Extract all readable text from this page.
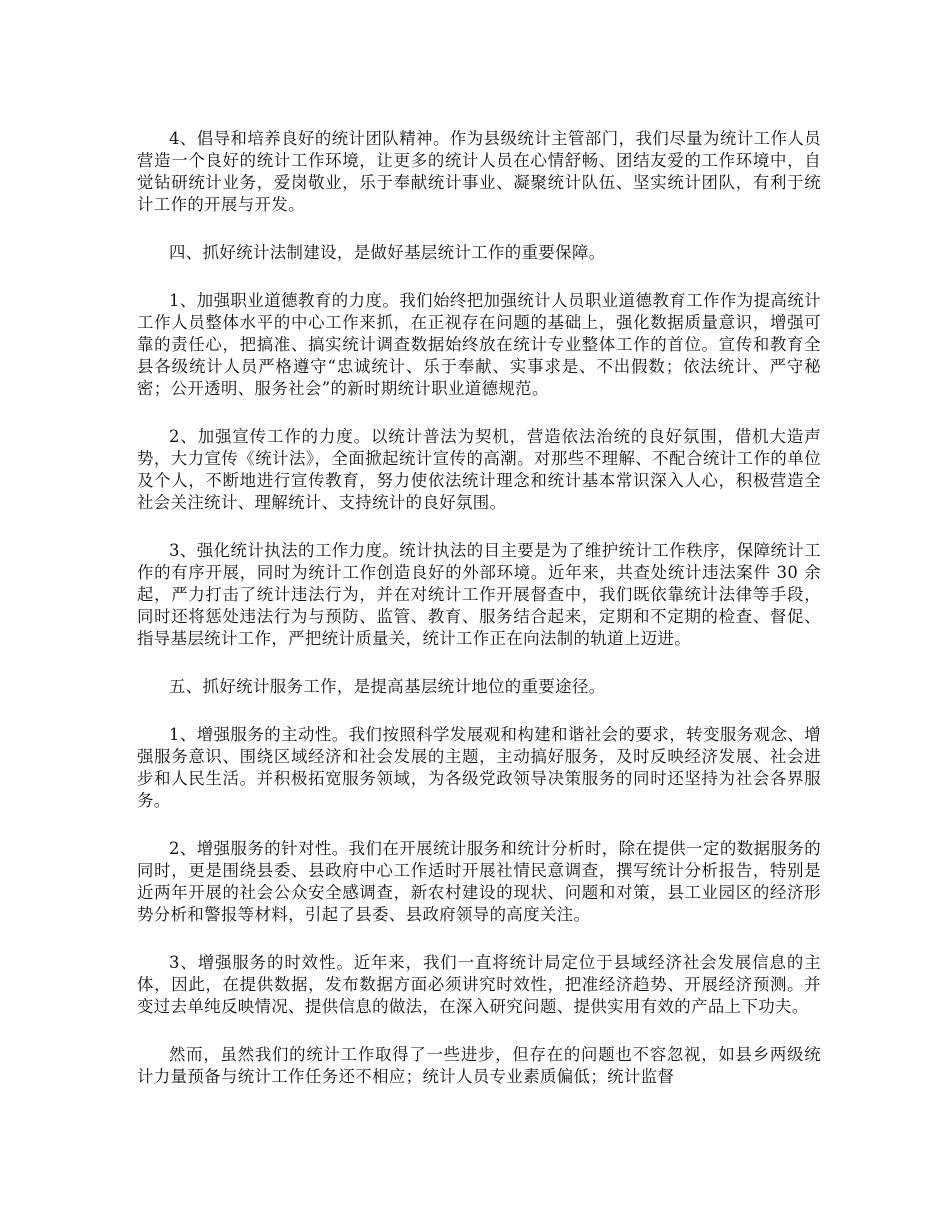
4、倡导和培养良好的统计团队精神。作为县级统计主管部门，我们尽量为统计工作人员营造一个良好的统计工作环境，让更多的统计人员在心情舒畅、团结友爱的工作环境中，自觉钻研统计业务，爱岗敬业，乐于奉献统计事业、凝聚统计队伍、坚实统计团队，有利于统计工作的开展与开发。

四、抓好统计法制建设，是做好基层统计工作的重要保障。

1、加强职业道德教育的力度。我们始终把加强统计人员职业道德教育工作作为提高统计工作人员整体水平的中心工作来抓，在正视存在问题的基础上，强化数据质量意识，增强可靠的责任心，把搞准、搞实统计调查数据始终放在统计专业整体工作的首位。宣传和教育全县各级统计人员严格遵守“忠诚统计、乐于奉献、实事求是、不出假数；依法统计、严守秘密；公开透明、服务社会”的新时期统计职业道德规范。

2、加强宣传工作的力度。以统计普法为契机，营造依法治统的良好氛围，借机大造声势，大力宣传《统计法》，全面掀起统计宣传的高潮。对那些不理解、不配合统计工作的单位及个人，不断地进行宣传教育，努力使依法统计理念和统计基本常识深入人心，积极营造全社会关注统计、理解统计、支持统计的良好氛围。

3、强化统计执法的工作力度。统计执法的目主要是为了维护统计工作秩序，保障统计工作的有序开展，同时为统计工作创造良好的外部环境。近年来，共查处统计违法案件 30 余起，严力打击了统计违法行为，并在对统计工作开展督查中，我们既依靠统计法律等手段，同时还将惩处违法行为与预防、监管、教育、服务结合起来，定期和不定期的检查、督促、指导基层统计工作，严把统计质量关，统计工作正在向法制的轨道上迈进。

五、抓好统计服务工作，是提高基层统计地位的重要途径。

1、增强服务的主动性。我们按照科学发展观和构建和谐社会的要求，转变服务观念、增强服务意识、围绕区域经济和社会发展的主题，主动搞好服务，及时反映经济发展、社会进步和人民生活。并积极拓宽服务领域，为各级党政领导决策服务的同时还坚持为社会各界服务。

2、增强服务的针对性。我们在开展统计服务和统计分析时，除在提供一定的数据服务的同时，更是围绕县委、县政府中心工作适时开展社情民意调查，撰写统计分析报告，特别是近两年开展的社会公众安全感调查，新农村建设的现状、问题和对策，县工业园区的经济形势分析和警报等材料，引起了县委、县政府领导的高度关注。

3、增强服务的时效性。近年来，我们一直将统计局定位于县域经济社会发展信息的主体，因此，在提供数据，发布数据方面必须讲究时效性，把准经济趋势、开展经济预测。并变过去单纯反映情况、提供信息的做法，在深入研究问题、提供实用有效的产品上下功夫。

然而，虽然我们的统计工作取得了一些进步，但存在的问题也不容忽视，如县乡两级统计力量预备与统计工作任务还不相应；统计人员专业素质偏低；统计监督
